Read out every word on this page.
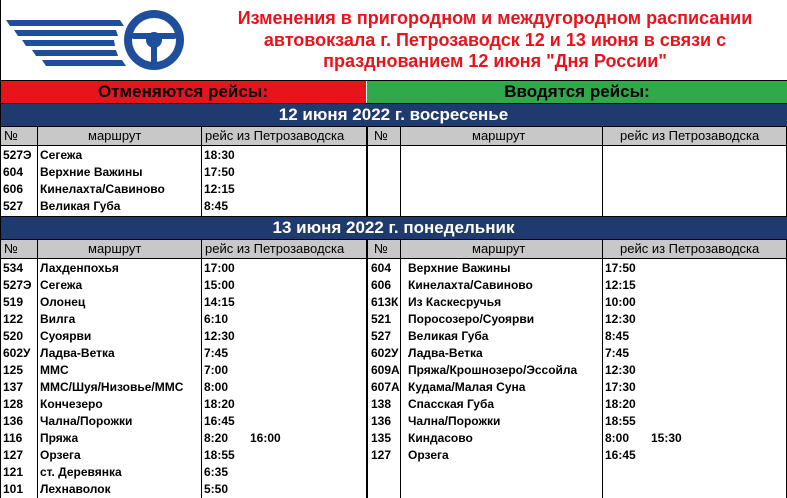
Изменения в пригородном и междугородном расписании
автовокзала г. Петрозаводск 12 и 13 июня в связи с
празднованием 12 июня "Дня России"
Отменяются рейсы:	Вводятся рейсы:
12 июня 2022 г. восресенье
№	маршрут	рейс из Петрозаводска №	маршрут	рейс из Петрозаводска
527Э Сегежа	18:30
604 Верхние Важины	17:50
606 Кинелахта/Савиново	12:15
527 Великая Губа	8:45
13 июня 2022 г. понедельник
№	маршрут	рейс из Петрозаводска №	маршрут	рейс из Петрозаводска
534 Лахденпохья	17:00
527Э Сегежа	15:00
519 Олонец	14:15
122 Вилга	6:10
520 Суоярви	12:30
602У Ладва-Ветка	7:45
125 ММС	7:00
137 ММС/Шуя/Низовье/ММС 8:00
128 Кончезеро	18:20
136 Чална/Порожки	16:45
116 Пряжа	8:20 16:00
127 Орзега	18:55
121 ст. Деревянка	6:35
101 Лехнаволок	5:50
604 Верхние Важины	17:50
606 Кинелахта/Савиново	12:15
613К Из Каскесручья	10:00
521 Поросозеро/Суоярви	12:30
527 Великая Губа	8:45
602У Ладва-Ветка	7:45
609А Пряжа/Крошнозеро/Эссойла 12:30
607А Кудама/Малая Суна	17:30
138 Спасская Губа	18:20
136 Чална/Порожки	18:55
135 Киндасово	8:00 15:30
127 Орзега	16:45
